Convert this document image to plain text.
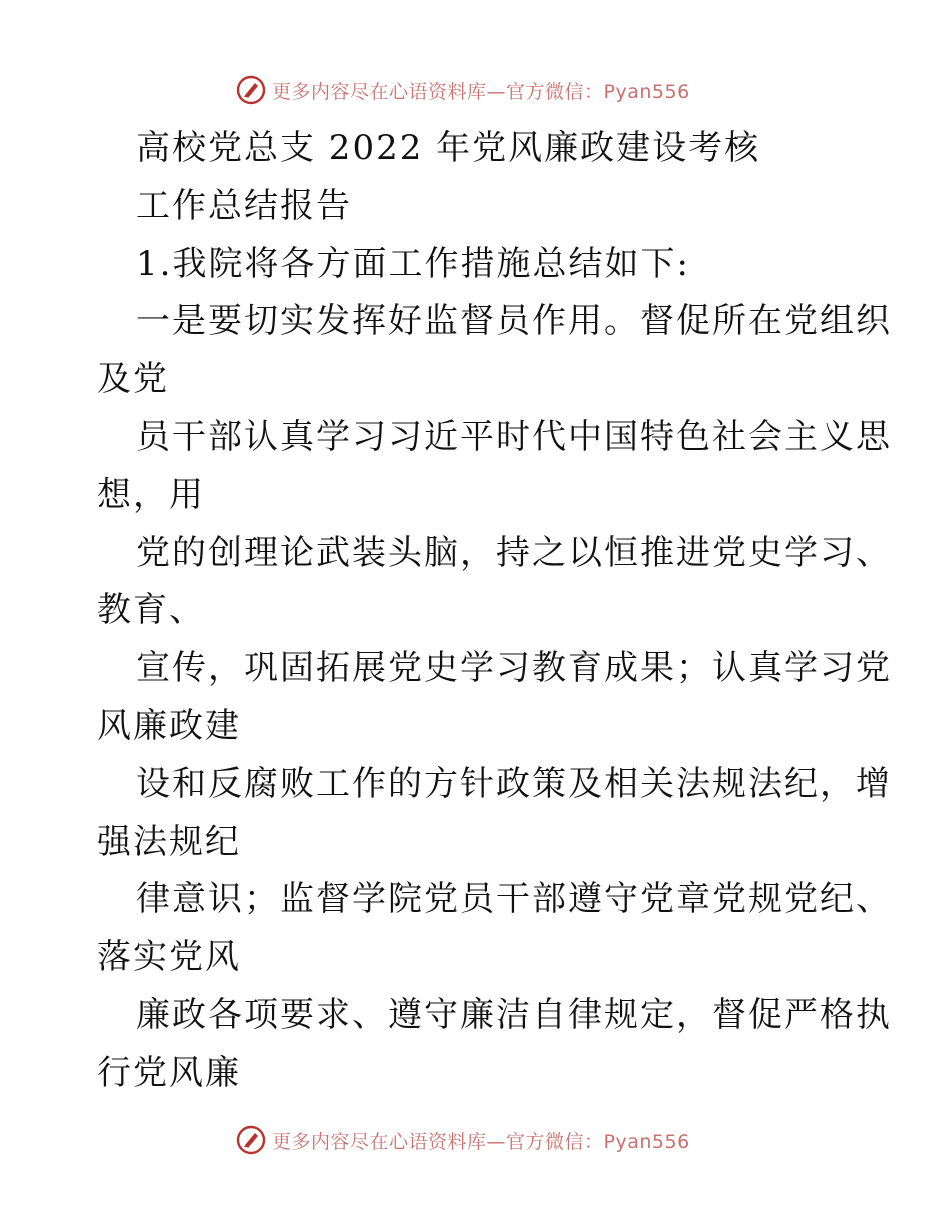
更多内容尽在心语资料库—官方微信：Pyan556
高校党总支 2022 年党风廉政建设考核
工作总结报告
1.我院将各方面工作措施总结如下:
一是要切实发挥好监督员作用。督促所在党组织
及党
员干部认真学习习近平时代中国特色社会主义思
想，用
党的创理论武装头脑，持之以恒推进党史学习、
教育、
宣传，巩固拓展党史学习教育成果；认真学习党
风廉政建
设和反腐败工作的方针政策及相关法规法纪，增
强法规纪
律意识；监督学院党员干部遵守党章党规党纪、
落实党风
廉政各项要求、遵守廉洁自律规定，督促严格执
行党风廉
更多内容尽在心语资料库—官方微信：Pyan556
